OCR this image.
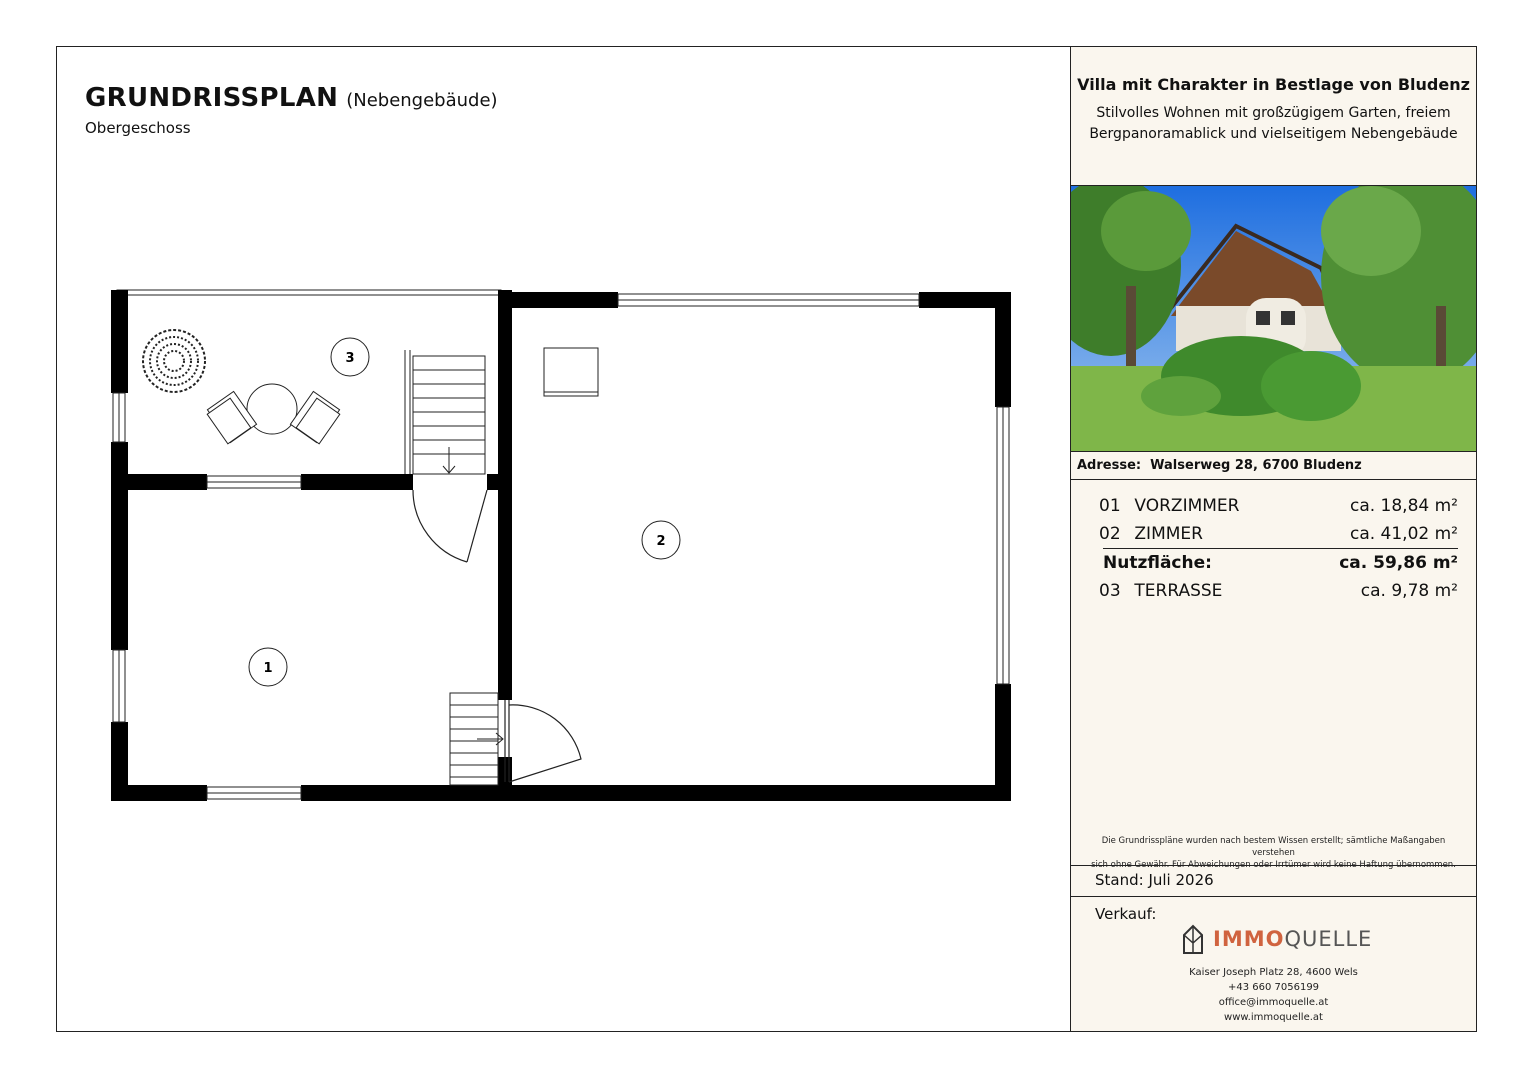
GRUNDRISSPLAN (Nebengebäude)
Obergeschoss
1
2
3
Villa mit Charakter in Bestlage von Bludenz
Stilvolles Wohnen mit großzügigem Garten, freiem
Bergpanoramablick und vielseitigem Nebengebäude
Adresse: Walserweg 28, 6700 Bludenz
01 VORZIMMER	ca. 18,84 m²
02 ZIMMER	ca. 41,02 m²
Nutzfläche:	ca. 59,86 m²
03 TERRASSE	ca. 9,78 m²
Die Grundrisspläne wurden nach bestem Wissen erstellt; sämtliche Maßangaben verstehen
sich ohne Gewähr. Für Abweichungen oder Irrtümer wird keine Haftung übernommen.
Stand: Juli 2026
Verkauf:
IMMOQUELLE
Kaiser Joseph Platz 28, 4600 Wels
+43 660 7056199
office@immoquelle.at
www.immoquelle.at
